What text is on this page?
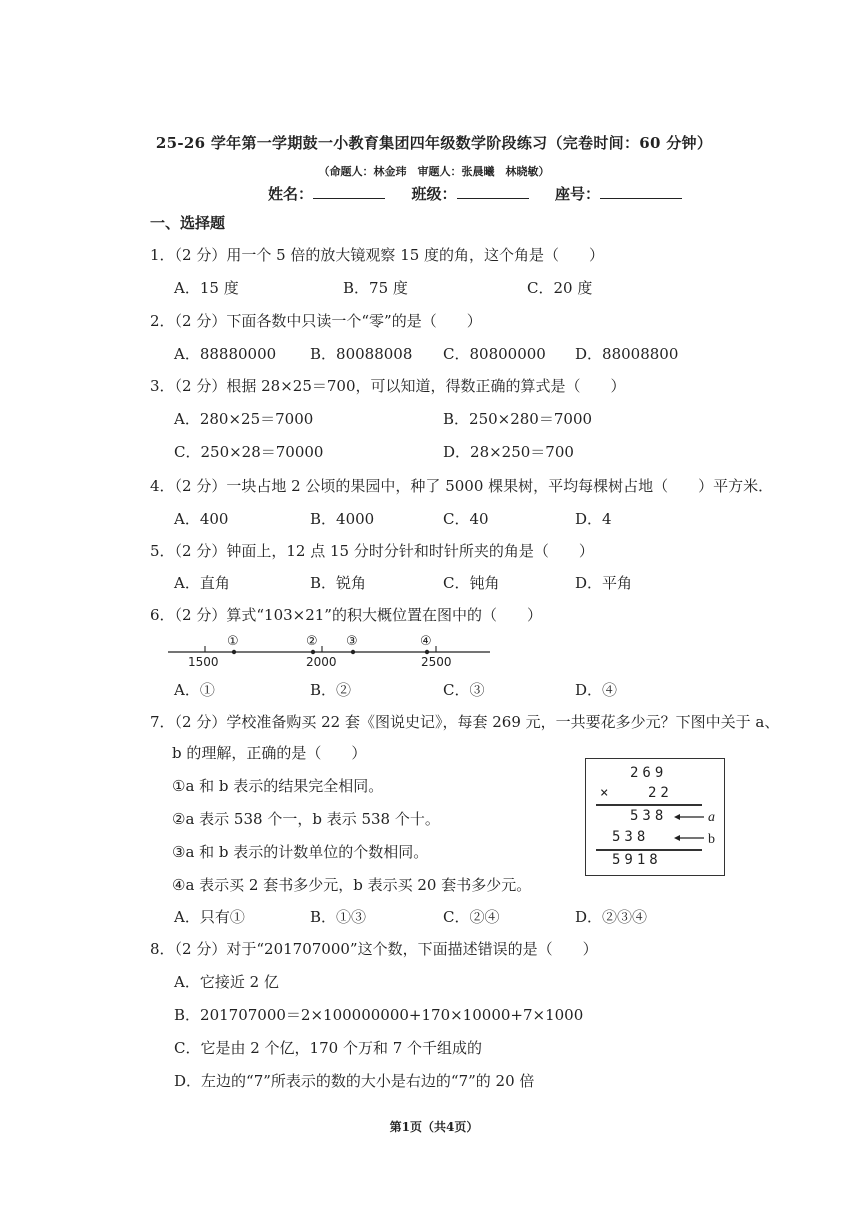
25-26 学年第一学期鼓一小教育集团四年级数学阶段练习（完卷时间：60 分钟）
（命题人：林金玮　审题人：张晨曦　林晓敏）
姓名：	班级：	座号：
一、选择题
1．（2 分）用一个 5 倍的放大镜观察 15 度的角，这个角是（　　）
A．15 度	B．75 度	C．20 度
2．（2 分）下面各数中只读一个“零”的是（　　）
A．88880000 B．80088008 C．80800000 D．88008800
3．（2 分）根据 28×25＝700，可以知道，得数正确的算式是（　　）
A．280×25＝7000	B．250×280＝7000
C．250×28＝70000	D．28×250＝700
4．（2 分）一块占地 2 公顷的果园中，种了 5000 棵果树，平均每棵树占地（　　）平方米．
A．400	B．4000	C．40	D．4
5．（2 分）钟面上，12 点 15 分时分针和时针所夹的角是（　　）
A．直角	B．锐角	C．钝角	D．平角
6．（2 分）算式“103×21”的积大概位置在图中的（　　）
1500	2000	2500
①	② ③	④
A．①	B．②	C．③	D．④
7．（2 分）学校准备购买 22 套《图说史记》，每套 269 元，一共要花多少元？下图中关于 a、
b 的理解，正确的是（　　）
①a 和 b 表示的结果完全相同。
②a 表示 538 个一，b 表示 538 个十。
③a 和 b 表示的计数单位的个数相同。
④a 表示买 2 套书多少元，b 表示买 20 套书多少元。
269
×	22
538
538
5918
a
b
A．只有①	B．①③	C．②④	D．②③④
8．（2 分）对于“201707000”这个数，下面描述错误的是（　　）
A．它接近 2 亿
B．201707000＝2×100000000+170×10000+7×1000
C．它是由 2 个亿，170 个万和 7 个千组成的
D．左边的“7”所表示的数的大小是右边的“7”的 20 倍
第1页（共4页）
